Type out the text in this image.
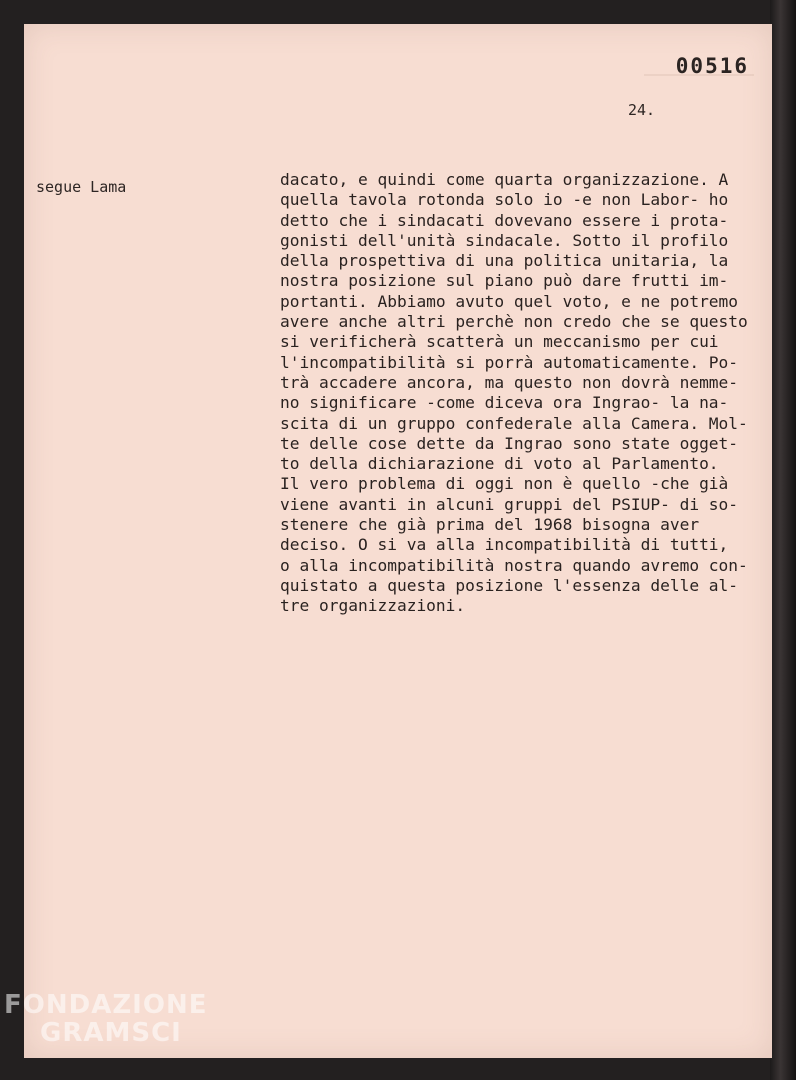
00516
24.
segue Lama	dacato, e quindi come quarta organizzazione. A
quella tavola rotonda solo io -e non Labor- ho
detto che i sindacati dovevano essere i prota-
gonisti dell'unità sindacale. Sotto il profilo
della prospettiva di una politica unitaria, la
nostra posizione sul piano può dare frutti im-
portanti. Abbiamo avuto quel voto, e ne potremo
avere anche altri perchè non credo che se questo
si verificherà scatterà un meccanismo per cui
l'incompatibilità si porrà automaticamente. Po-
trà accadere ancora, ma questo non dovrà nemme-
no significare -come diceva ora Ingrao- la na-
scita di un gruppo confederale alla Camera. Mol-
te delle cose dette da Ingrao sono state ogget-
to della dichiarazione di voto al Parlamento.
Il vero problema di oggi non è quello -che già
viene avanti in alcuni gruppi del PSIUP- di so-
stenere che già prima del 1968 bisogna aver
deciso. O si va alla incompatibilità di tutti,
o alla incompatibilità nostra quando avremo con-
quistato a questa posizione l'essenza delle al-
tre organizzazioni.
FONDAZIONE
GRAMSCI
